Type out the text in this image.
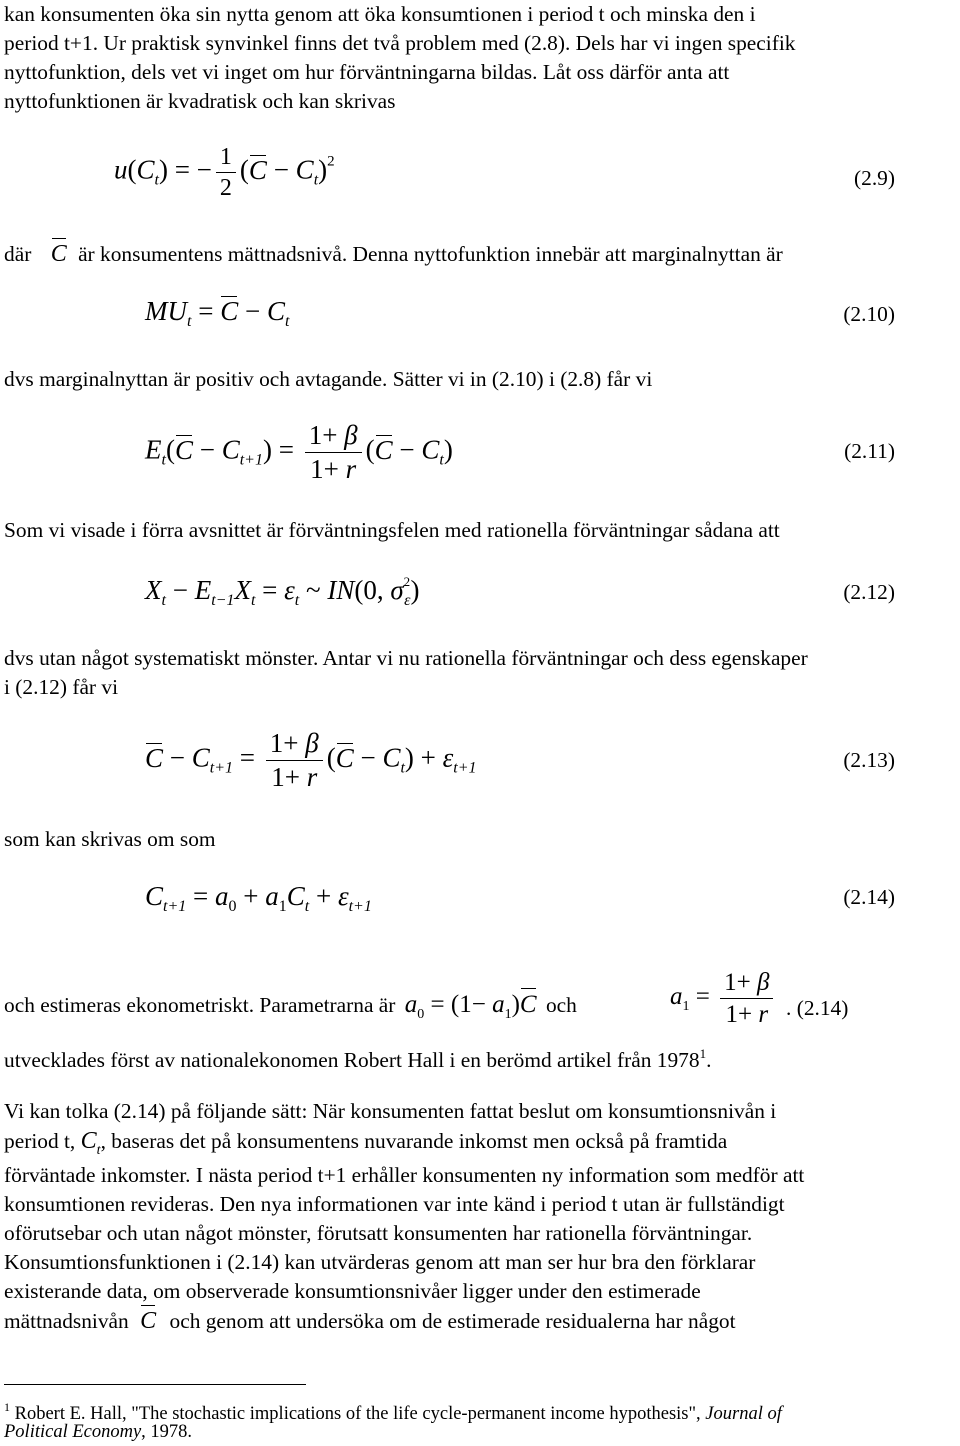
kan konsumenten öka sin nytta genom att öka konsumtionen i period t och minska den i
period t+1. Ur praktisk synvinkel finns det två problem med (2.8). Dels har vi ingen specifik
nyttofunktion, dels vet vi inget om hur förväntningarna bildas. Låt oss därför anta att
nyttofunktionen är kvadratisk och kan skrivas
$u(C_t)$ = − $\frac{1}{2} (C - C_t)^2$
(2.9)
där C är konsumentens mättnadsnivå. Denna nyttofunktion innebär att marginalnyttan är
$MU_t = C - C_t$	(2.10)
dvs marginalnyttan är positiv och avtagande. Sätter vi in (2.10) i (2.8) får vi
$E_t(C - C_{t+1}) = \frac{1+ \beta}{1+ r} (C - C_t)$	(2.11)
Som vi visade i förra avsnittet är förväntningsfelen med rationella förväntningar sådana att
$X_t - E_{t-1}X_t = \varepsilon_t$ ~ IN(0, $\sigma^2_\varepsilon$)	(2.12)
dvs utan något systematiskt mönster. Antar vi nu rationella förväntningar och dess egenskaper
i (2.12) får vi
$C - C_{t+1} = \frac{1+ \beta}{1+ r} (C - C_t) + \varepsilon_{t+1}$	(2.13)
som kan skrivas om som
$C_{t+1} = a_0 + a_1C_t + \varepsilon_{t+1}$	(2.14)
och estimeras ekonometriskt. Parametrarna är $a_0 = (1- a_1)C$ och	$a_1 = \frac{1+ \beta}{1+ r}$ . (2.14)
utvecklades först av nationalekonomen Robert Hall i en berömd artikel från 1978$^1$.
Vi kan tolka (2.14) på följande sätt: När konsumenten fattat beslut om konsumtionsnivån i
period t, $C_t$, baseras det på konsumentens nuvarande inkomst men också på framtida
förväntade inkomster. I nästa period t+1 erhåller konsumenten ny information som medför att
konsumtionen revideras. Den nya informationen var inte känd i period t utan är fullständigt
oförutsebar och utan något mönster, förutsatt konsumenten har rationella förväntningar.
Konsumtionsfunktionen i (2.14) kan utvärderas genom att man ser hur bra den förklarar
existerande data, om observerade konsumtionsnivåer ligger under den estimerade
mättnadsnivån C och genom att undersöka om de estimerade residualerna har något
$^1$ Robert E. Hall, "The stochastic implications of the life cycle-permanent income hypothesis", Journal of
Political Economy, 1978.
